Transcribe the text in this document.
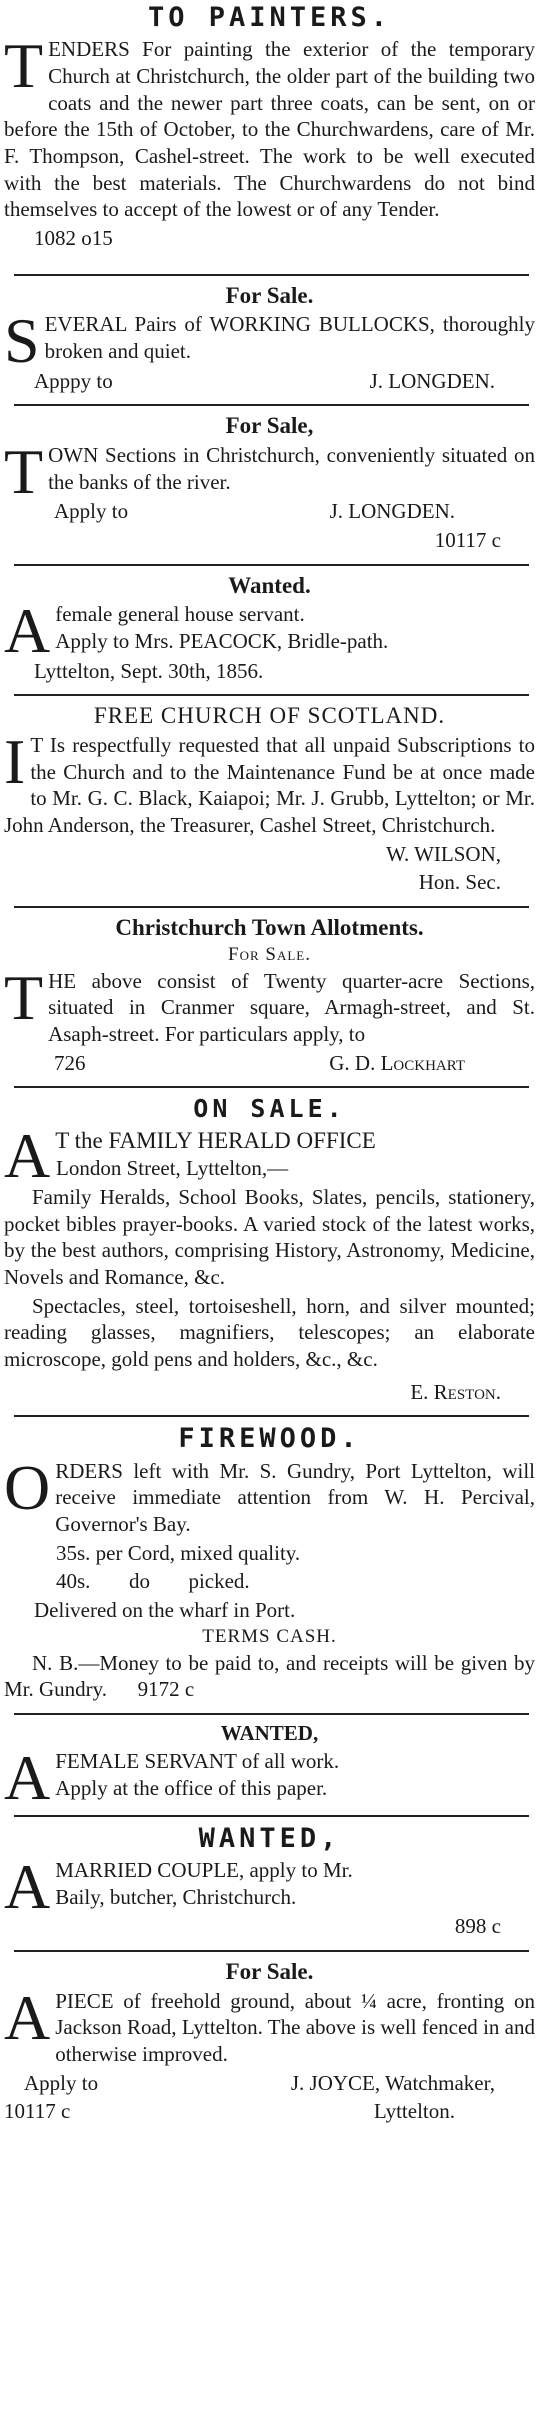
TO PAINTERS.

T ENDERS For painting the exterior of the temporary Church at Christchurch, the older part of the building two coats and the newer part three coats, can be sent, on or before the 15th of October, to the Churchwardens, care of Mr. F. Thompson, Cashel-street. The work to be well executed with the best materials. The Churchwardens do not bind themselves to accept of the lowest or of any Tender.

1082 o15
For Sale.

S EVERAL Pairs of WORKING BULLOCKS, thoroughly broken and quiet.

Apppy to	J. LONGDEN.
For Sale,

T OWN Sections in Christchurch, conveniently situated on the banks of the river.

Apply to	J. LONGDEN.
10117 c
Wanted.

A female general house servant.
Apply to Mrs. PEACOCK, Bridle-path.

Lyttelton, Sept. 30th, 1856.
FREE CHURCH OF SCOTLAND.

I T Is respectfully requested that all unpaid Subscriptions to the Church and to the Maintenance Fund be at once made to Mr. G. C. Black, Kaiapoi; Mr. J. Grubb, Lyttelton; or Mr. John Anderson, the Treasurer, Cashel Street, Christchurch.

W. WILSON,
Hon. Sec.
Christchurch Town Allotments.
For Sale.

T HE above consist of Twenty quarter-acre Sections, situated in Cranmer square, Armagh-street, and St. Asaph-street. For particulars apply, to

726	G. D. Lockhart
ON SALE.

A T the FAMILY HERALD OFFICE
London Street, Lyttelton,—

Family Heralds, School Books, Slates, pencils, stationery, pocket bibles prayer-books. A varied stock of the latest works, by the best authors, comprising History, Astronomy, Medicine, Novels and Romance, &c.

Spectacles, steel, tortoiseshell, horn, and silver mounted; reading glasses, magnifiers, telescopes; an elaborate microscope, gold pens and holders, &c., &c.

E. Reston.
FIREWOOD.

O RDERS left with Mr. S. Gundry, Port Lyttelton, will receive immediate attention from W. H. Percival, Governor's Bay.

35s. per Cord, mixed quality.
40s. do picked.
Delivered on the wharf in Port.
TERMS CASH.
N. B.—Money to be paid to, and receipts will be given by Mr. Gundry. 9172 c
WANTED,

A FEMALE SERVANT of all work.
Apply at the office of this paper.

WANTED,

A MARRIED COUPLE, apply to Mr.
Baily, butcher, Christchurch.

898 c
For Sale.

A PIECE of freehold ground, about ¼ acre, fronting on Jackson Road, Lyttelton. The above is well fenced in and otherwise improved.

Apply to	J. JOYCE, Watchmaker,
10117 c	Lyttelton.
